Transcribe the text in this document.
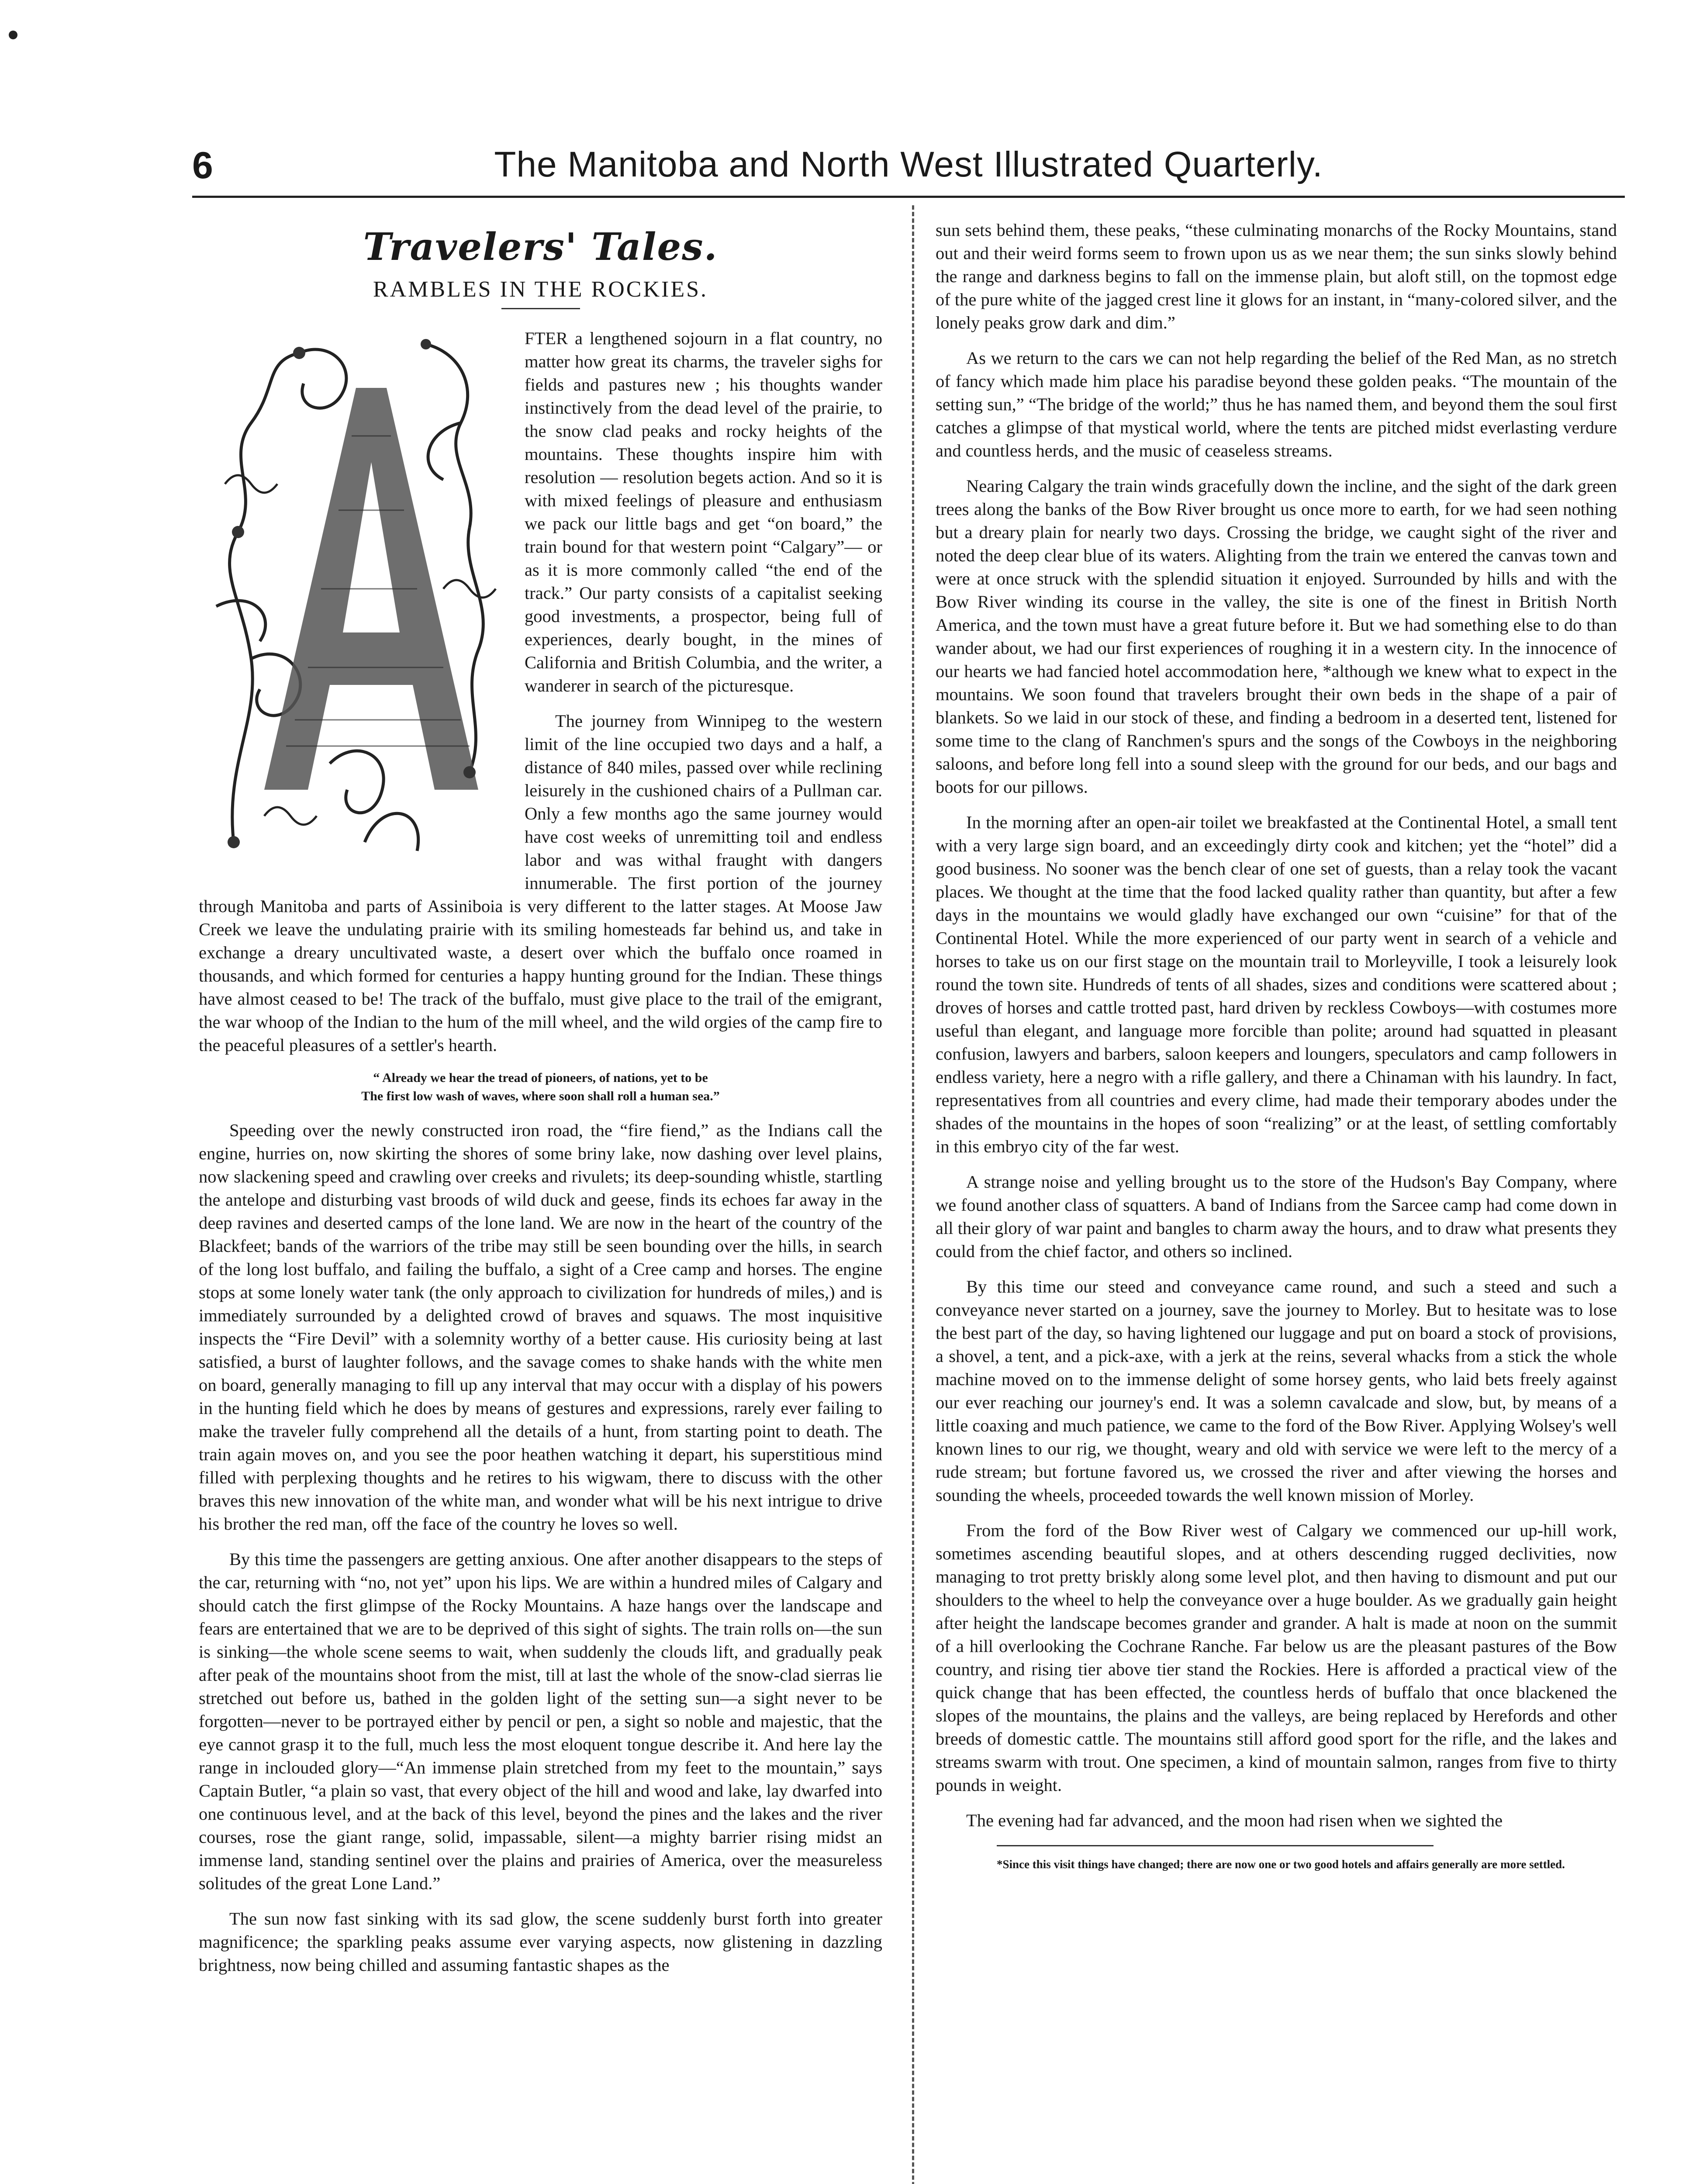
6	The Manitoba and North West Illustrated Quarterly.
Travelers' Tales.
RAMBLES IN THE ROCKIES.

FTER a lengthened sojourn in a flat country, no matter how great its charms, the traveler sighs for fields and pastures new ; his thoughts wander instinctively from the dead level of the prairie, to the snow clad peaks and rocky heights of the mountains. These thoughts inspire him with resolution — resolution begets action. And so it is with mixed feelings of pleasure and enthusiasm we pack our little bags and get “on board,” the train bound for that western point “Calgary”— or as it is more commonly called “the end of the track.” Our party consists of a capitalist seeking good investments, a prospector, being full of experiences, dearly bought, in the mines of California and British Columbia, and the writer, a wanderer in search of the picturesque.

The journey from Winnipeg to the western limit of the line occupied two days and a half, a distance of 840 miles, passed over while reclining leisurely in the cushioned chairs of a Pullman car. Only a few months ago the same journey would have cost weeks of unremitting toil and endless labor and was withal fraught with dangers innumerable. The first portion of the journey through Manitoba and parts of Assiniboia is very different to the latter stages. At Moose Jaw Creek we leave the undulating prairie with its smiling homesteads far behind us, and take in exchange a dreary uncultivated waste, a desert over which the buffalo once roamed in thousands, and which formed for centuries a happy hunting ground for the Indian. These things have almost ceased to be! The track of the buffalo, must give place to the trail of the emigrant, the war whoop of the Indian to the hum of the mill wheel, and the wild orgies of the camp fire to the peaceful pleasures of a settler's hearth.

“ Already we hear the tread of pioneers, of nations, yet to be
The first low wash of waves, where soon shall roll a human sea.”

Speeding over the newly constructed iron road, the “fire fiend,” as the Indians call the engine, hurries on, now skirting the shores of some briny lake, now dashing over level plains, now slackening speed and crawling over creeks and rivulets; its deep-sounding whistle, startling the antelope and disturbing vast broods of wild duck and geese, finds its echoes far away in the deep ravines and deserted camps of the lone land. We are now in the heart of the country of the Blackfeet; bands of the warriors of the tribe may still be seen bounding over the hills, in search of the long lost buffalo, and failing the buffalo, a sight of a Cree camp and horses. The engine stops at some lonely water tank (the only approach to civilization for hundreds of miles,) and is immediately surrounded by a delighted crowd of braves and squaws. The most inquisitive inspects the “Fire Devil” with a solemnity worthy of a better cause. His curiosity being at last satisfied, a burst of laughter follows, and the savage comes to shake hands with the white men on board, generally managing to fill up any interval that may occur with a display of his powers in the hunting field which he does by means of gestures and expressions, rarely ever failing to make the traveler fully comprehend all the details of a hunt, from starting point to death. The train again moves on, and you see the poor heathen watching it depart, his superstitious mind filled with perplexing thoughts and he retires to his wigwam, there to discuss with the other braves this new innovation of the white man, and wonder what will be his next intrigue to drive his brother the red man, off the face of the country he loves so well.

By this time the passengers are getting anxious. One after another disappears to the steps of the car, returning with “no, not yet” upon his lips. We are within a hundred miles of Calgary and should catch the first glimpse of the Rocky Mountains. A haze hangs over the landscape and fears are entertained that we are to be deprived of this sight of sights. The train rolls on—the sun is sinking—the whole scene seems to wait, when suddenly the clouds lift, and gradually peak after peak of the mountains shoot from the mist, till at last the whole of the snow-clad sierras lie stretched out before us, bathed in the golden light of the setting sun—a sight never to be forgotten—never to be portrayed either by pencil or pen, a sight so noble and majestic, that the eye cannot grasp it to the full, much less the most eloquent tongue describe it. And here lay the range in inclouded glory—“An immense plain stretched from my feet to the mountain,” says Captain Butler, “a plain so vast, that every object of the hill and wood and lake, lay dwarfed into one continuous level, and at the back of this level, beyond the pines and the lakes and the river courses, rose the giant range, solid, impassable, silent—a mighty barrier rising midst an immense land, standing sentinel over the plains and prairies of America, over the measureless solitudes of the great Lone Land.”

The sun now fast sinking with its sad glow, the scene suddenly burst forth into greater magnificence; the sparkling peaks assume ever varying aspects, now glistening in dazzling brightness, now being chilled and assuming fantastic shapes as the

sun sets behind them, these peaks, “these culminating monarchs of the Rocky Mountains, stand out and their weird forms seem to frown upon us as we near them; the sun sinks slowly behind the range and darkness begins to fall on the immense plain, but aloft still, on the topmost edge of the pure white of the jagged crest line it glows for an instant, in “many-colored silver, and the lonely peaks grow dark and dim.”

As we return to the cars we can not help regarding the belief of the Red Man, as no stretch of fancy which made him place his paradise beyond these golden peaks. “The mountain of the setting sun,” “The bridge of the world;” thus he has named them, and beyond them the soul first catches a glimpse of that mystical world, where the tents are pitched midst everlasting verdure and countless herds, and the music of ceaseless streams.

Nearing Calgary the train winds gracefully down the incline, and the sight of the dark green trees along the banks of the Bow River brought us once more to earth, for we had seen nothing but a dreary plain for nearly two days. Crossing the bridge, we caught sight of the river and noted the deep clear blue of its waters. Alighting from the train we entered the canvas town and were at once struck with the splendid situation it enjoyed. Surrounded by hills and with the Bow River winding its course in the valley, the site is one of the finest in British North America, and the town must have a great future before it. But we had something else to do than wander about, we had our first experiences of roughing it in a western city. In the innocence of our hearts we had fancied hotel accommodation here, *although we knew what to expect in the mountains. We soon found that travelers brought their own beds in the shape of a pair of blankets. So we laid in our stock of these, and finding a bedroom in a deserted tent, listened for some time to the clang of Ranchmen's spurs and the songs of the Cowboys in the neighboring saloons, and before long fell into a sound sleep with the ground for our beds, and our bags and boots for our pillows.

In the morning after an open-air toilet we breakfasted at the Continental Hotel, a small tent with a very large sign board, and an exceedingly dirty cook and kitchen; yet the “hotel” did a good business. No sooner was the bench clear of one set of guests, than a relay took the vacant places. We thought at the time that the food lacked quality rather than quantity, but after a few days in the mountains we would gladly have exchanged our own “cuisine” for that of the Continental Hotel. While the more experienced of our party went in search of a vehicle and horses to take us on our first stage on the mountain trail to Morleyville, I took a leisurely look round the town site. Hundreds of tents of all shades, sizes and conditions were scattered about ; droves of horses and cattle trotted past, hard driven by reckless Cowboys—with costumes more useful than elegant, and language more forcible than polite; around had squatted in pleasant confusion, lawyers and barbers, saloon keepers and loungers, speculators and camp followers in endless variety, here a negro with a rifle gallery, and there a Chinaman with his laundry. In fact, representatives from all countries and every clime, had made their temporary abodes under the shades of the mountains in the hopes of soon “realizing” or at the least, of settling comfortably in this embryo city of the far west.

A strange noise and yelling brought us to the store of the Hudson's Bay Company, where we found another class of squatters. A band of Indians from the Sarcee camp had come down in all their glory of war paint and bangles to charm away the hours, and to draw what presents they could from the chief factor, and others so inclined.

By this time our steed and conveyance came round, and such a steed and such a conveyance never started on a journey, save the journey to Morley. But to hesitate was to lose the best part of the day, so having lightened our luggage and put on board a stock of provisions, a shovel, a tent, and a pick-axe, with a jerk at the reins, several whacks from a stick the whole machine moved on to the immense delight of some horsey gents, who laid bets freely against our ever reaching our journey's end. It was a solemn cavalcade and slow, but, by means of a little coaxing and much patience, we came to the ford of the Bow River. Applying Wolsey's well known lines to our rig, we thought, weary and old with service we were left to the mercy of a rude stream; but fortune favored us, we crossed the river and after viewing the horses and sounding the wheels, proceeded towards the well known mission of Morley.

From the ford of the Bow River west of Calgary we commenced our up-hill work, sometimes ascending beautiful slopes, and at others descending rugged declivities, now managing to trot pretty briskly along some level plot, and then having to dismount and put our shoulders to the wheel to help the conveyance over a huge boulder. As we gradually gain height after height the landscape becomes grander and grander. A halt is made at noon on the summit of a hill overlooking the Cochrane Ranche. Far below us are the pleasant pastures of the Bow country, and rising tier above tier stand the Rockies. Here is afforded a practical view of the quick change that has been effected, the countless herds of buffalo that once blackened the slopes of the mountains, the plains and the valleys, are being replaced by Herefords and other breeds of domestic cattle. The mountains still afford good sport for the rifle, and the lakes and streams swarm with trout. One specimen, a kind of mountain salmon, ranges from five to thirty pounds in weight.

The evening had far advanced, and the moon had risen when we sighted the

*Since this visit things have changed; there are now one or two good hotels and affairs generally are more settled.
